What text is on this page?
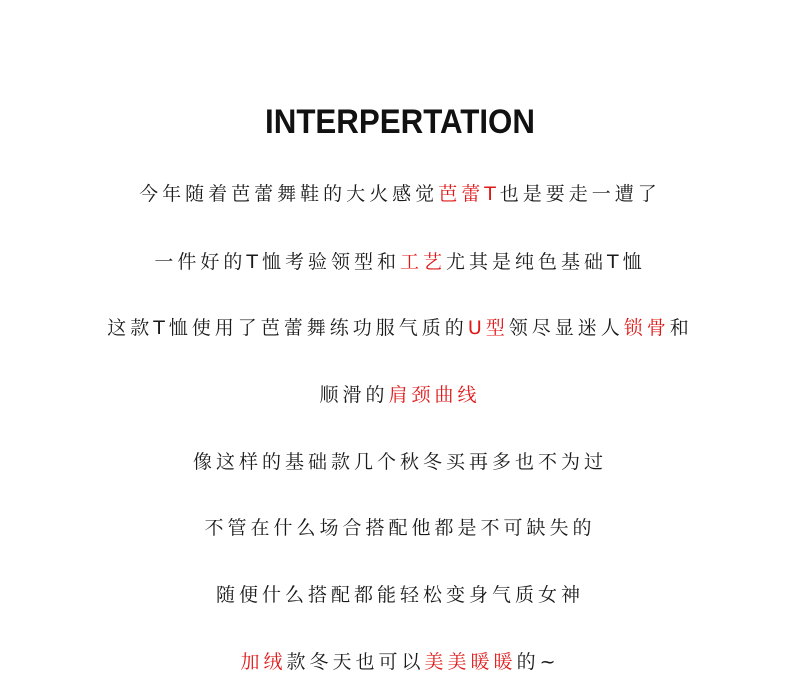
INTERPERTATION
今年随着芭蕾舞鞋的大火感觉芭蕾T也是要走一遭了
一件好的T恤考验领型和工艺尤其是纯色基础T恤
这款T恤使用了芭蕾舞练功服气质的U型领尽显迷人锁骨和
顺滑的肩颈曲线
像这样的基础款几个秋冬买再多也不为过
不管在什么场合搭配他都是不可缺失的
随便什么搭配都能轻松变身气质女神
加绒款冬天也可以美美暖暖的~
